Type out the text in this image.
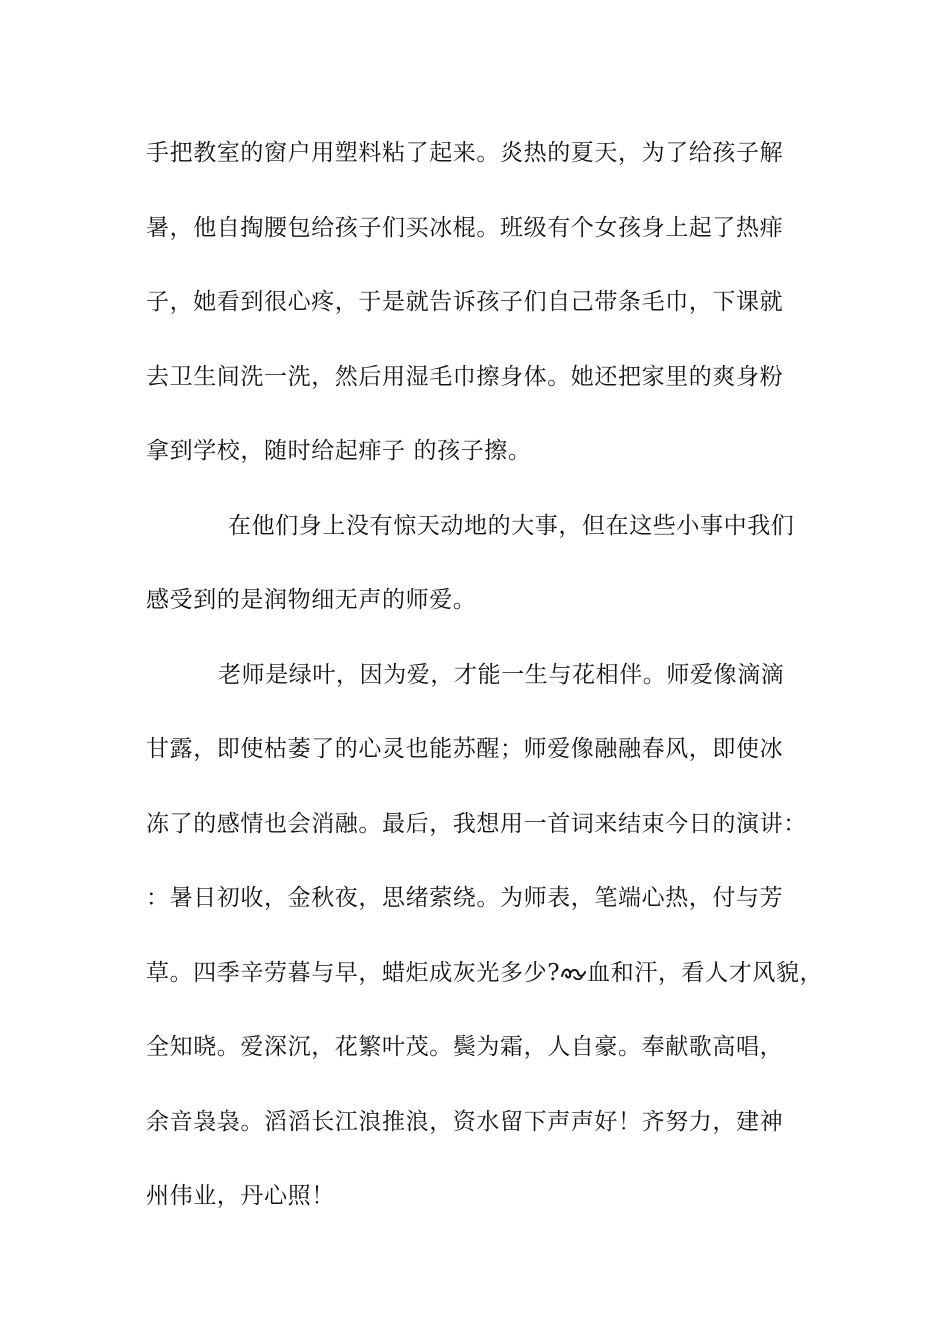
手把教室的窗户用塑料粘了起来。炎热的夏天，为了给孩子解
暑，他自掏腰包给孩子们买冰棍。班级有个女孩身上起了热痱
子，她看到很心疼，于是就告诉孩子们自己带条毛巾，下课就
去卫生间洗一洗，然后用湿毛巾擦身体。她还把家里的爽身粉
拿到学校，随时给起痱子 的孩子擦。
在他们身上没有惊天动地的大事，但在这些小事中我们
感受到的是润物细无声的师爱。
老师是绿叶，因为爱，才能一生与花相伴。师爱像滴滴
甘露，即使枯萎了的心灵也能苏醒；师爱像融融春风，即使冰
冻了的感情也会消融。最后，我想用一首词来结束今日的演讲：
：暑日初收，金秋夜，思绪萦绕。为师表，笔端心热，付与芳
草。四季辛劳暮与早，蜡炬成灰光多少? 血和汗，看人才风貌，
全知晓。爱深沉，花繁叶茂。鬓为霜，人自豪。奉献歌高唱，
余音袅袅。滔滔长江浪推浪，资水留下声声好！齐努力，建神
州伟业，丹心照！
